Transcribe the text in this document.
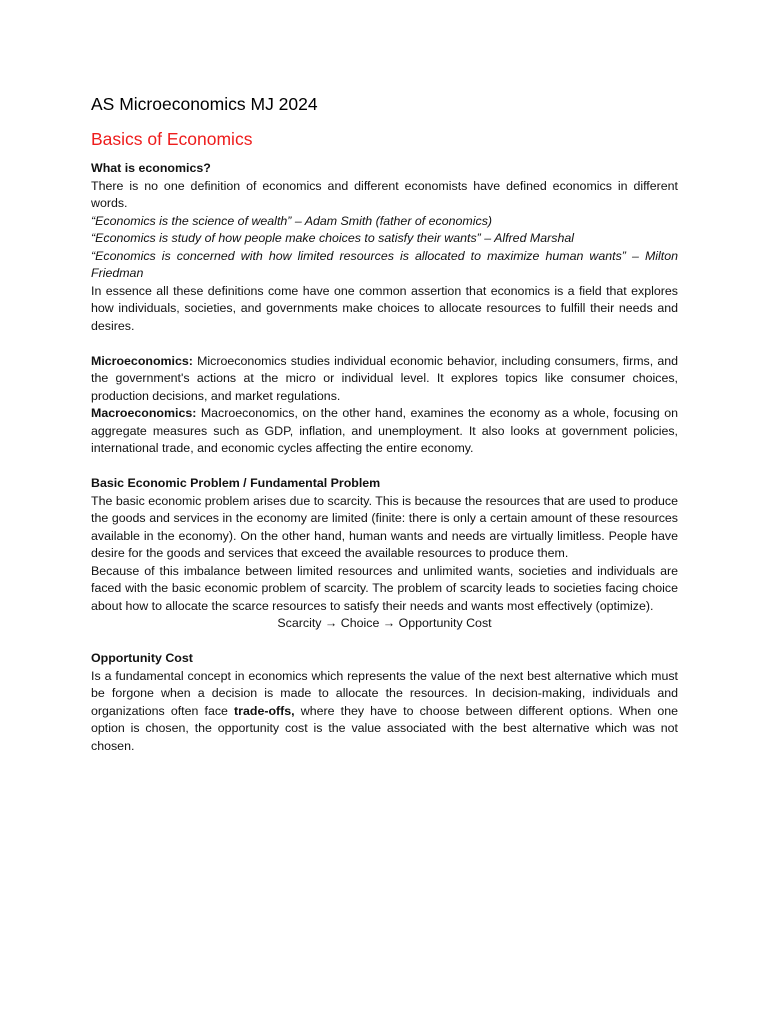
AS Microeconomics MJ 2024
Basics of Economics

What is economics?

There is no one definition of economics and different economists have defined economics in different words.

“Economics is the science of wealth” – Adam Smith (father of economics)

“Economics is study of how people make choices to satisfy their wants” – Alfred Marshal

“Economics is concerned with how limited resources is allocated to maximize human wants” – Milton Friedman

In essence all these definitions come have one common assertion that economics is a field that explores how individuals, societies, and governments make choices to allocate resources to fulfill their needs and desires.

Microeconomics: Microeconomics studies individual economic behavior, including consumers, firms, and the government's actions at the micro or individual level. It explores topics like consumer choices, production decisions, and market regulations.

Macroeconomics: Macroeconomics, on the other hand, examines the economy as a whole, focusing on aggregate measures such as GDP, inflation, and unemployment. It also looks at government policies, international trade, and economic cycles affecting the entire economy.

Basic Economic Problem / Fundamental Problem

The basic economic problem arises due to scarcity. This is because the resources that are used to produce the goods and services in the economy are limited (finite: there is only a certain amount of these resources available in the economy). On the other hand, human wants and needs are virtually limitless. People have desire for the goods and services that exceed the available resources to produce them.

Because of this imbalance between limited resources and unlimited wants, societies and individuals are faced with the basic economic problem of scarcity. The problem of scarcity leads to societies facing choice about how to allocate the scarce resources to satisfy their needs and wants most effectively (optimize).

Scarcity → Choice → Opportunity Cost

Opportunity Cost

Is a fundamental concept in economics which represents the value of the next best alternative which must be forgone when a decision is made to allocate the resources. In decision-making, individuals and organizations often face trade-offs, where they have to choose between different options. When one option is chosen, the opportunity cost is the value associated with the best alternative which was not chosen.
